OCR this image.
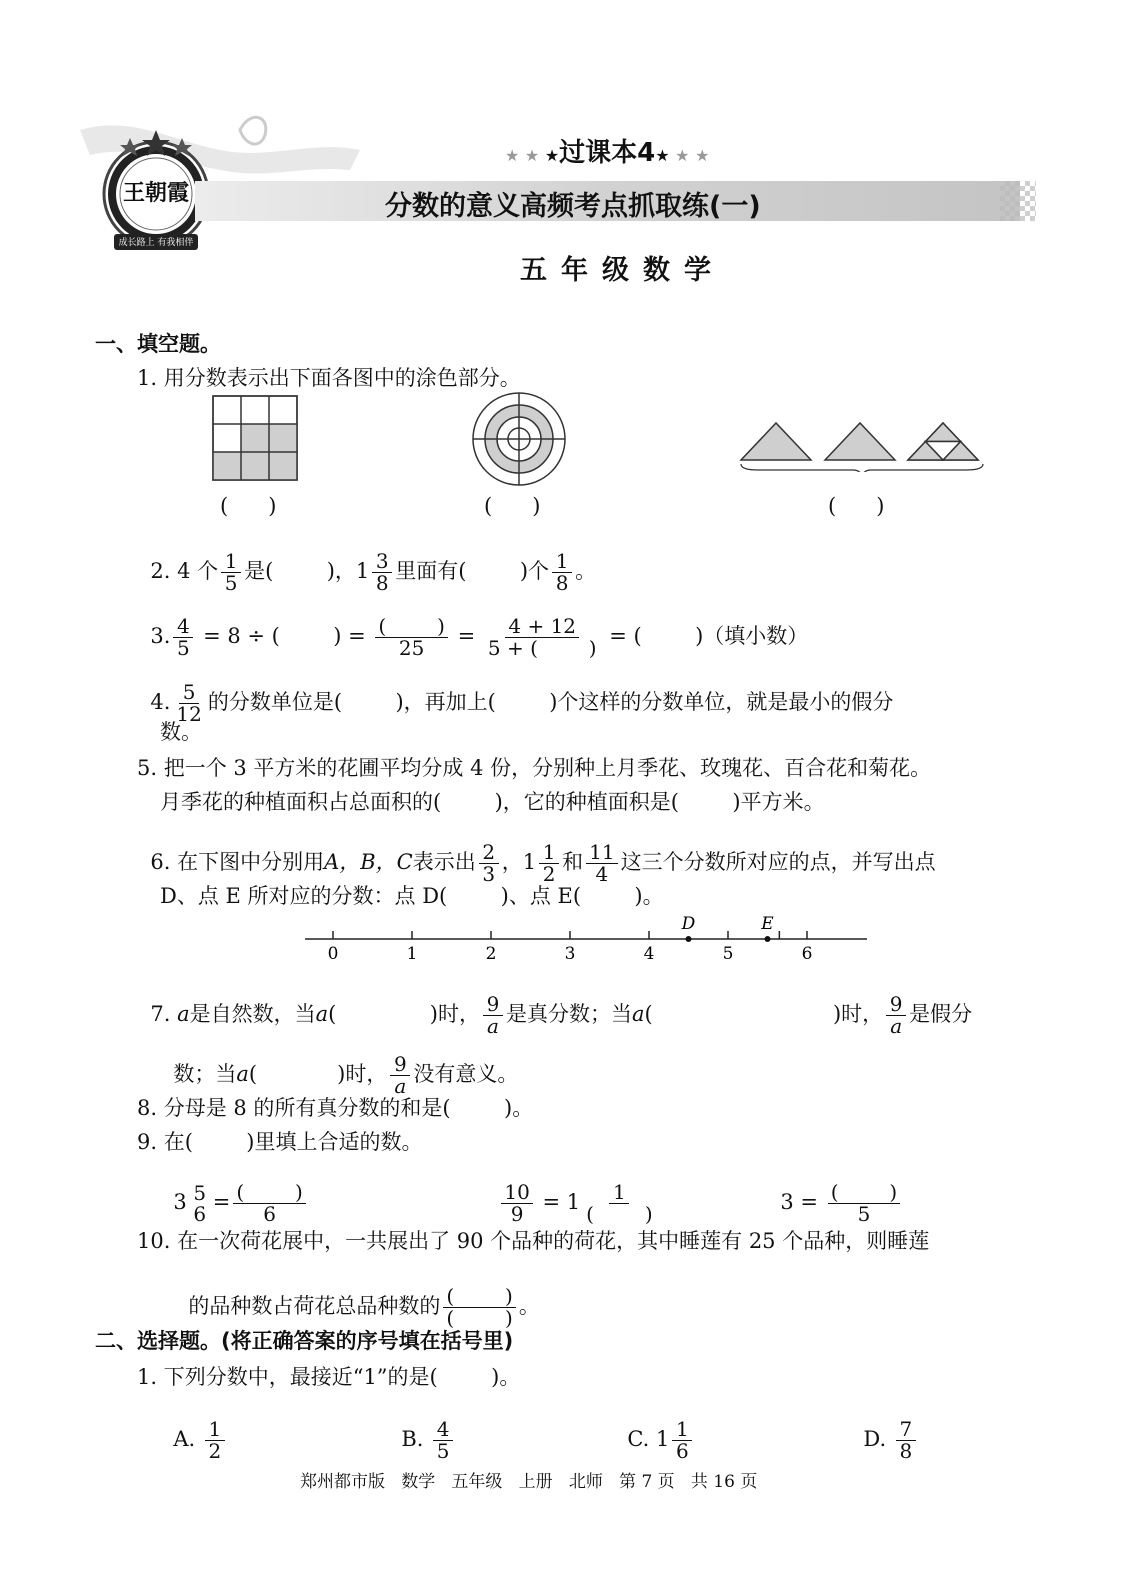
王朝霞
成长路上 有我相伴
★ ★ ★过课本4★ ★ ★
分数的意义高频考点抓取练(一)
五年级数学
一、填空题。
1. 用分数表示出下面各图中的涂色部分。
(      )	(      )	(      )

2. 4 个 $\frac{1}{5}$ 是(        )，$1 \frac{3}{8}$ 里面有(        )个 $\frac{1}{8}$ 。

3. $\frac{4}{5} = 8$ ÷ (        ) = $\frac{( )}{25} = \frac{4 + 12}{5 + ( )}$ = (        )（填小数）

4. $\frac{5}{12}$ 的分数单位是(        )，再加上(        )个这样的分数单位，就是最小的假分

数。
5. 把一个 3 平方米的花圃平均分成 4 份，分别种上月季花、玫瑰花、百合花和菊花。
月季花的种植面积占总面积的(        )，它的种植面积是(        )平方米。

6. 在下图中分别用A，B，C表示出 $\frac{2}{3}$ ，$1 \frac{1}{2}$ 和 $\frac{11}{4}$ 这三个分数所对应的点，并写出点

D、点 E 所对应的分数：点 D(        )、点 E(        )。
0	1	2	3	4	5	6
D	E

7. a是自然数，当a(              )时， $\frac{9}{a}$ 是真分数；当a(                           )时， $\frac{9}{a}$ 是假分

数；当a(            )时， $\frac{9}{a}$ 没有意义。

8. 分母是 8 的所有真分数的和是(        )。
9. 在(        )里填上合适的数。

3 5
$6 = \frac{( )}{6}$

	$\frac{10}{9} = 1 \frac{1}{( )}$	$3 = \frac{( )}{5}$

10. 在一次荷花展中，一共展出了 90 个品种的荷花，其中睡莲有 25 个品种，则睡莲

的品种数占荷花总品种数的 $\frac{( )}{( )}$ 。

二、选择题。(将正确答案的序号填在括号里)
1. 下列分数中，最接近“1”的是(        )。

A. $\frac{1}{2}$	B. $\frac{4}{5}$	C. $1 \frac{1}{6}$	D. $\frac{7}{8}$

郑州都市版   数学   五年级   上册   北师   第 7 页   共 16 页
